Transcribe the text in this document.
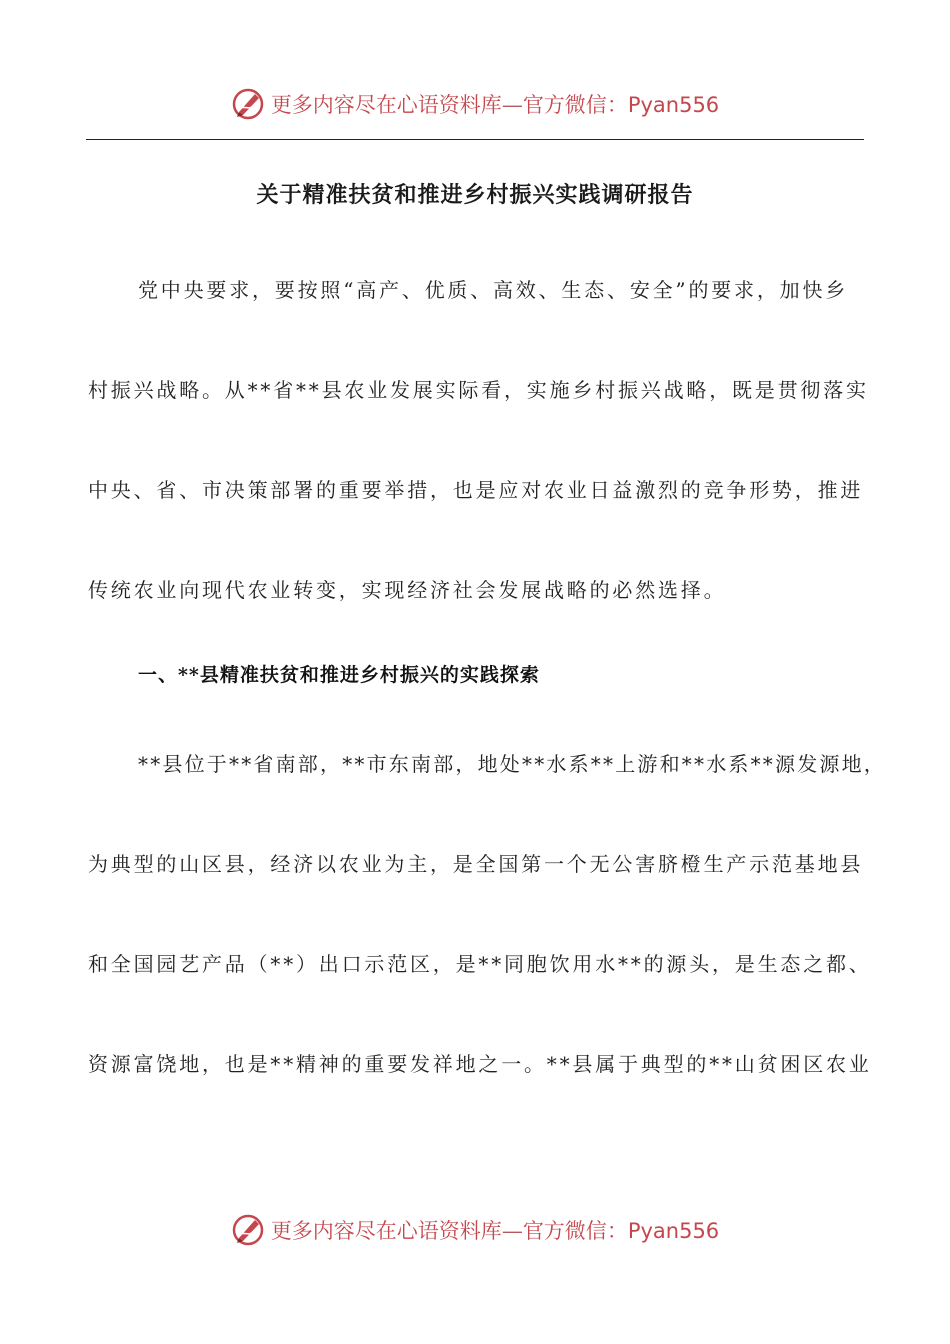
更多内容尽在心语资料库—官方微信：Pyan556
关于精准扶贫和推进乡村振兴实践调研报告
党中央要求，要按照“高产、优质、高效、生态、安全”的要求，加快乡
村振兴战略。从**省**县农业发展实际看，实施乡村振兴战略，既是贯彻落实
中央、省、市决策部署的重要举措，也是应对农业日益激烈的竞争形势，推进
传统农业向现代农业转变，实现经济社会发展战略的必然选择。
一、**县精准扶贫和推进乡村振兴的实践探索
**县位于**省南部，**市东南部，地处**水系**上游和**水系**源发源地，
为典型的山区县，经济以农业为主，是全国第一个无公害脐橙生产示范基地县
和全国园艺产品（**）出口示范区，是**同胞饮用水**的源头，是生态之都、
资源富饶地，也是**精神的重要发祥地之一。**县属于典型的**山贫困区农业
更多内容尽在心语资料库—官方微信：Pyan556
